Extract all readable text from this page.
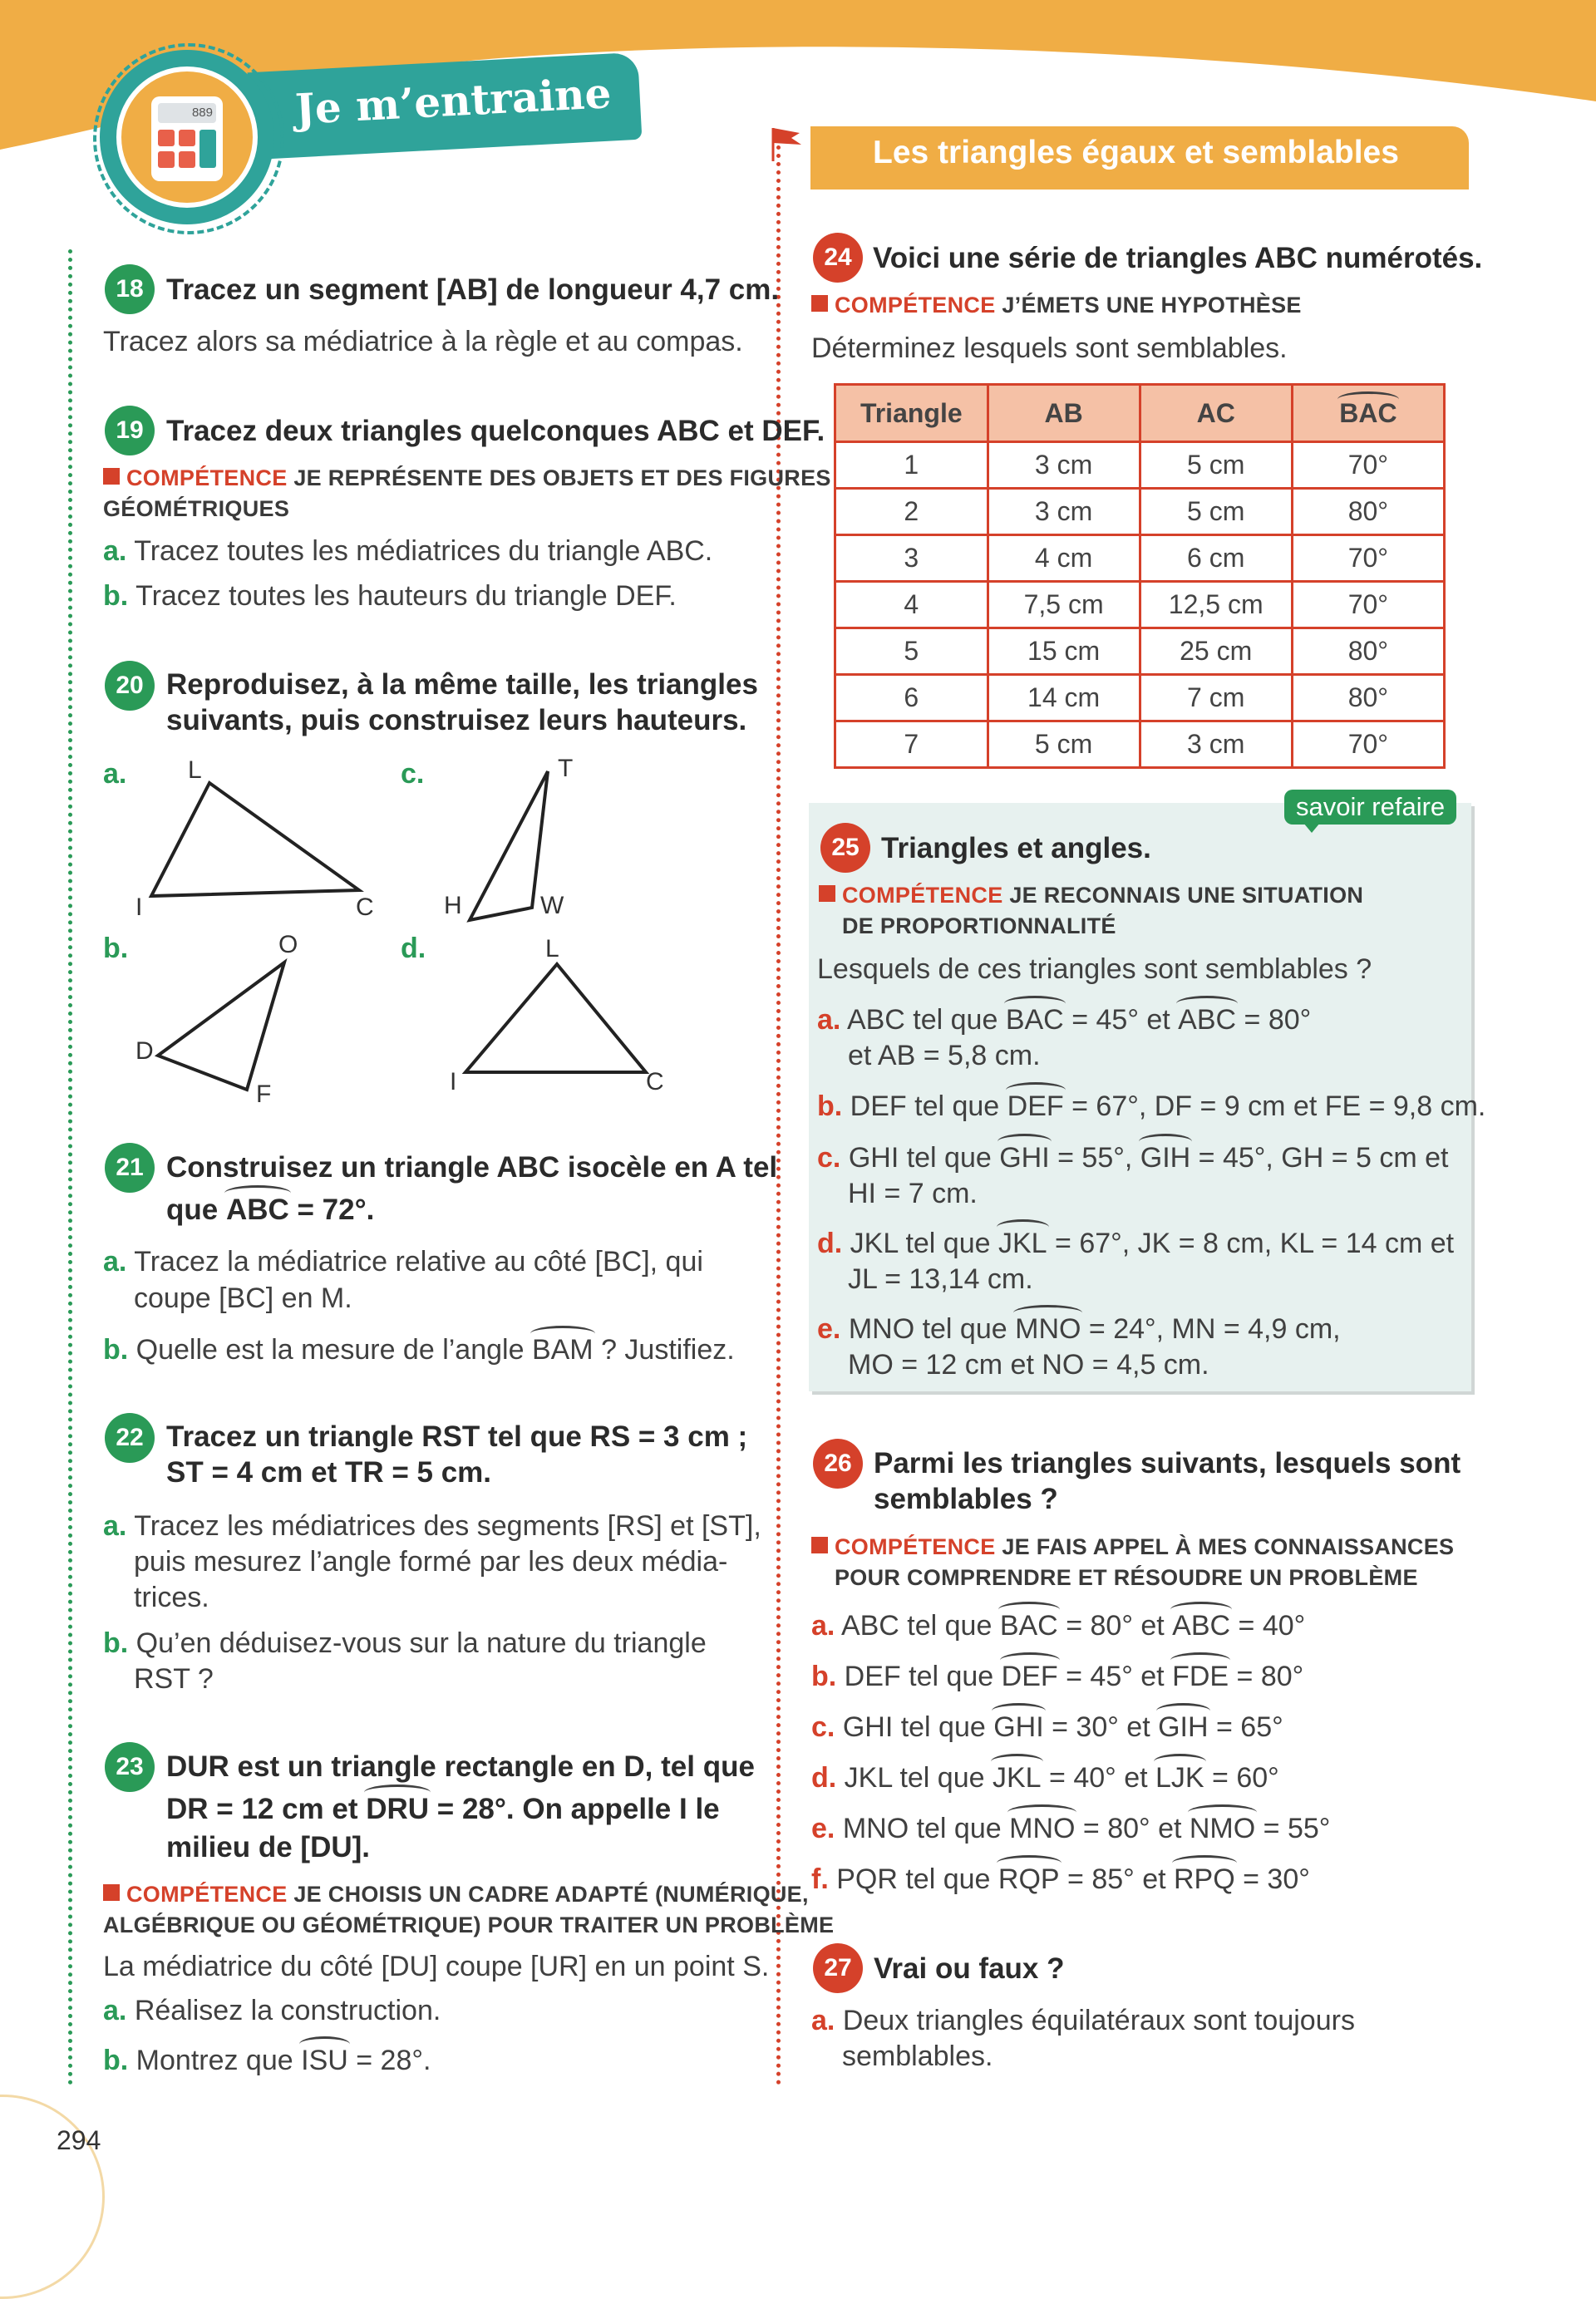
Je m’entraine
889
Les triangles égaux et semblables
18 Tracez un segment [AB] de longueur 4,7 cm.
Tracez alors sa médiatrice à la règle et au compas.
19 Tracez deux triangles quelconques ABC et DEF.
COMPÉTENCE JE REPRÉSENTE DES OBJETS ET DES FIGURES
GÉOMÉTRIQUES
a. Tracez toutes les médiatrices du triangle ABC.
b. Tracez toutes les hauteurs du triangle DEF.
20 Reproduisez, à la même taille, les triangles
suivants, puis construisez leurs hauteurs.
a.	c.
b.	d.
L
I	C
O
D
F
T
H	W
L
I	C
21 Construisez un triangle ABC isocèle en A tel
que ABC = 72°.
a. Tracez la médiatrice relative au côté [BC], qui
coupe [BC] en M.
b. Quelle est la mesure de l’angle BAM ? Justifiez.
22 Tracez un triangle RST tel que RS = 3 cm ;
ST = 4 cm et TR = 5 cm.
a. Tracez les médiatrices des segments [RS] et [ST],
puis mesurez l’angle formé par les deux média-
trices.
b. Qu’en déduisez-vous sur la nature du triangle
RST ?
23 DUR est un triangle rectangle en D, tel que
DR = 12 cm et DRU = 28°. On appelle I le
milieu de [DU].
COMPÉTENCE JE CHOISIS UN CADRE ADAPTÉ (NUMÉRIQUE,
ALGÉBRIQUE OU GÉOMÉTRIQUE) POUR TRAITER UN PROBLÈME
La médiatrice du côté [DU] coupe [UR] en un point S.
a. Réalisez la construction.
b. Montrez que ISU = 28°.
294
24 Voici une série de triangles ABC numérotés.
COMPÉTENCE J’ÉMETS UNE HYPOTHÈSE
Déterminez lesquels sont semblables.
Triangle	AB	AC	BAC
1	3 cm	5 cm	70°
2	3 cm	5 cm	80°
3	4 cm	6 cm	70°
4	7,5 cm	12,5 cm	70°
5	15 cm	25 cm	80°
6	14 cm	7 cm	80°
7	5 cm	3 cm	70°
savoir refaire
25 Triangles et angles.
COMPÉTENCE JE RECONNAIS UNE SITUATION
DE PROPORTIONNALITÉ
Lesquels de ces triangles sont semblables ?
a. ABC tel que BAC = 45° et ABC = 80°
et AB = 5,8 cm.
b. DEF tel que DEF = 67°, DF = 9 cm et FE = 9,8 cm.
c. GHI tel que GHI = 55°, GIH = 45°, GH = 5 cm et
HI = 7 cm.
d. JKL tel que JKL = 67°, JK = 8 cm, KL = 14 cm et
JL = 13,14 cm.
e. MNO tel que MNO = 24°, MN = 4,9 cm,
MO = 12 cm et NO = 4,5 cm.
26 Parmi les triangles suivants, lesquels sont
semblables ?
COMPÉTENCE JE FAIS APPEL À MES CONNAISSANCES
POUR COMPRENDRE ET RÉSOUDRE UN PROBLÈME
a. ABC tel que BAC = 80° et ABC = 40°
b. DEF tel que DEF = 45° et FDE = 80°
c. GHI tel que GHI = 30° et GIH = 65°
d. JKL tel que JKL = 40° et LJK = 60°
e. MNO tel que MNO = 80° et NMO = 55°
f. PQR tel que RQP = 85° et RPQ = 30°
27 Vrai ou faux ?
a. Deux triangles équilatéraux sont toujours
semblables.
